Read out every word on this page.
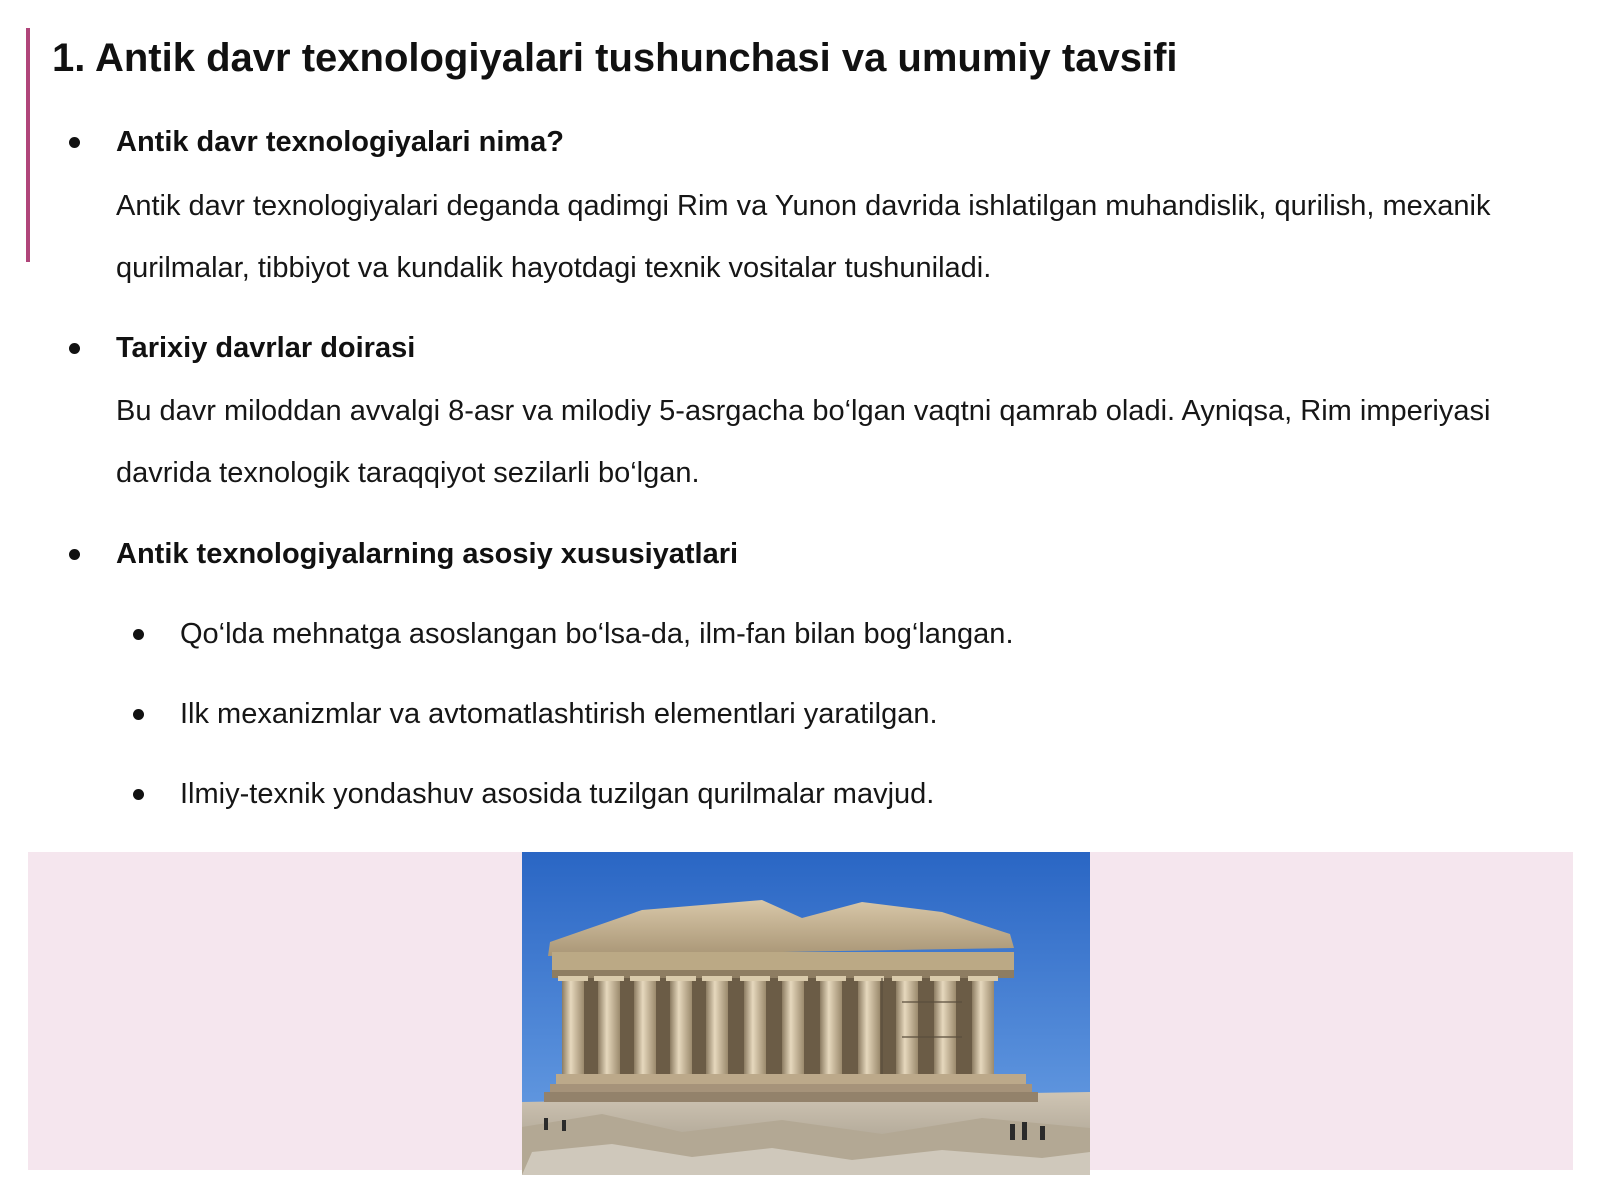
1. Antik davr texnologiyalari tushunchasi va umumiy tavsifi
Antik davr texnologiyalari nima?
Antik davr texnologiyalari deganda qadimgi Rim va Yunon davrida ishlatilgan muhandislik, qurilish, mexanik qurilmalar, tibbiyot va kundalik hayotdagi texnik vositalar tushuniladi.
Tarixiy davrlar doirasi
Bu davr miloddan avvalgi 8-asr va milodiy 5-asrgacha bo‘lgan vaqtni qamrab oladi. Ayniqsa, Rim imperiyasi davrida texnologik taraqqiyot sezilarli bo‘lgan.
Antik texnologiyalarning asosiy xususiyatlari
Qo‘lda mehnatga asoslangan bo‘lsa-da, ilm-fan bilan bog‘langan.
Ilk mexanizmlar va avtomatlashtirish elementlari yaratilgan.
Ilmiy-texnik yondashuv asosida tuzilgan qurilmalar mavjud.
